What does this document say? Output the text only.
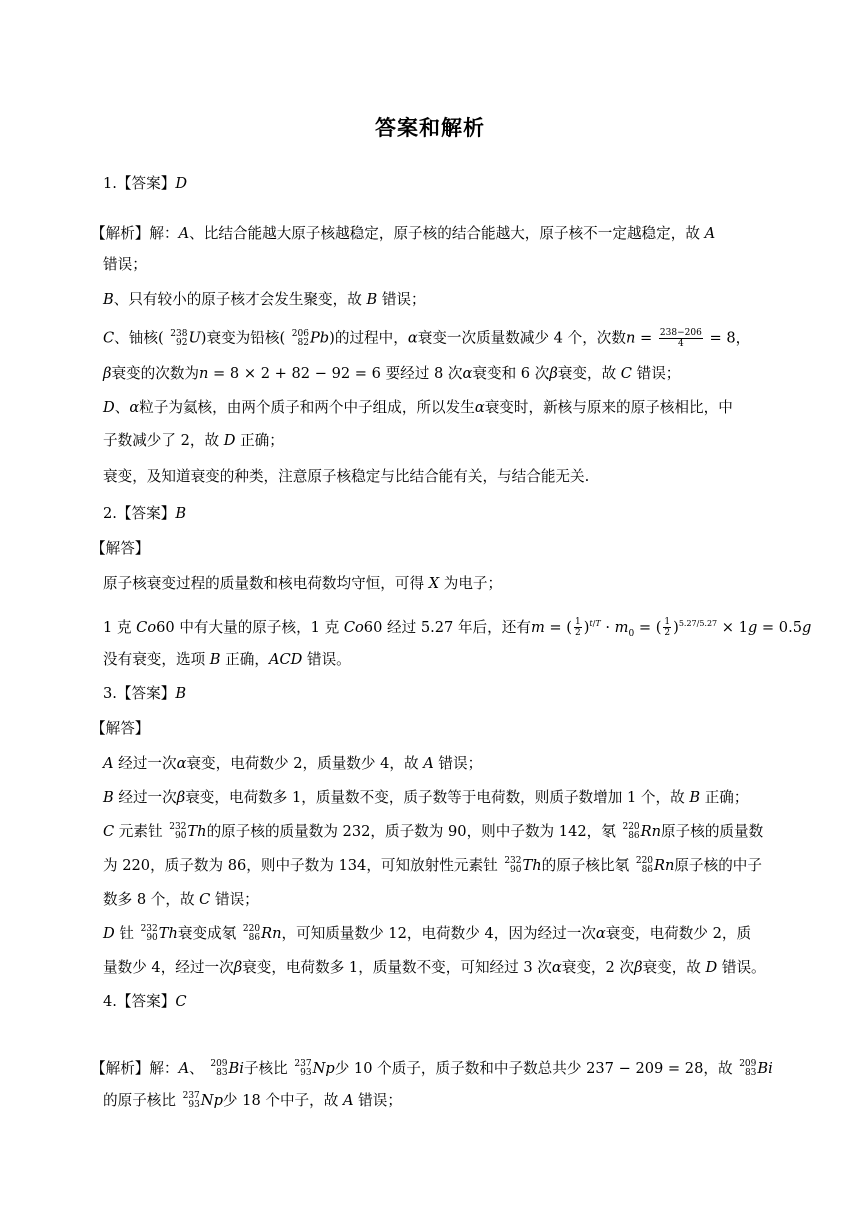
答案和解析
1.【答案】D
【解析】解：A、比结合能越大原子核越稳定，原子核的结合能越大，原子核不一定越稳定，故 A
错误；
B、只有较小的原子核才会发生聚变，故 B 错误；
C、铀核( 238
92 U)衰变为铅核( 206
82 Pb)的过程中，α衰变一次质量数减少 4 个，次数$n = \frac{238-206}{4} = 8$，
β衰变的次数为n = 8 × 2 + 82 − 92 = 6 要经过 8 次α衰变和 6 次β衰变，故 C 错误；
D、α粒子为氦核，由两个质子和两个中子组成，所以发生α衰变时，新核与原来的原子核相比，中
子数减少了 2，故 D 正确；
衰变，及知道衰变的种类，注意原子核稳定与比结合能有关，与结合能无关.
2.【答案】B
【解答】
原子核衰变过程的质量数和核电荷数均守恒，可得 X 为电子；
1 克 Co60 中有大量的原子核，1 克 Co60 经过 5.27 年后，还有m = ( $\frac{1}{2} )^{t/T} \cdot m_0$ = ( $\frac{1}{2} )^{5.27/5.27} \times 1g = 0.5g$
没有衰变，选项 B 正确，ACD 错误。
3.【答案】B
【解答】
A 经过一次α衰变，电荷数少 2，质量数少 4，故 A 错误；
B 经过一次β衰变，电荷数多 1，质量数不变，质子数等于电荷数，则质子数增加 1 个，故 B 正确；
C 元素钍 232
90 Th的原子核的质量数为 232，质子数为 90，则中子数为 142，氡 220
86 Rn原子核的质量数
为 220，质子数为 86，则中子数为 134，可知放射性元素钍 232
90 Th的原子核比氡 220
86 Rn原子核的中子
数多 8 个，故 C 错误；
D 钍 232
90 Th衰变成氡 220
86 Rn，可知质量数少 12，电荷数少 4，因为经过一次α衰变，电荷数少 2，质
量数少 4，经过一次β衰变，电荷数多 1，质量数不变，可知经过 3 次α衰变，2 次β衰变，故 D 错误。
4.【答案】C
【解析】解：A、 209
83 Bi子核比 237
93 Np少 10 个质子，质子数和中子数总共少 237 − 209 = 28，故 209
83 Bi
的原子核比 237
93 Np少 18 个中子，故 A 错误；
